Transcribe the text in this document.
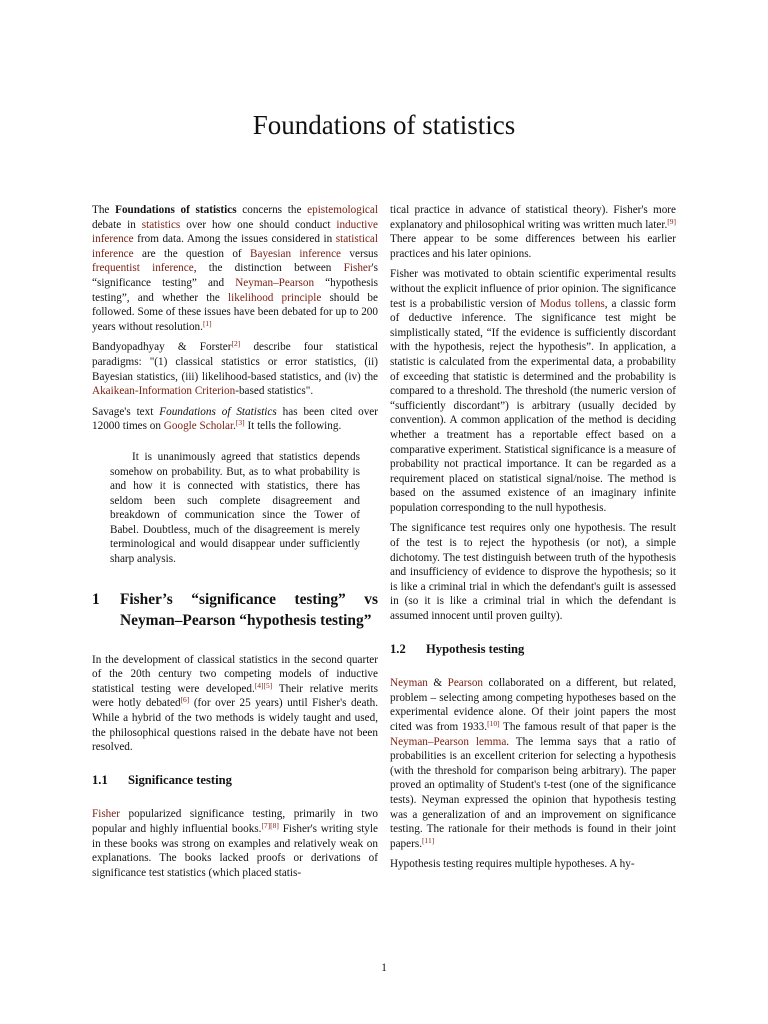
Foundations of statistics

The Foundations of statistics concerns the epistemological debate in statistics over how one should conduct inductive inference from data. Among the issues considered in statistical inference are the question of Bayesian inference versus frequentist inference, the distinction between Fisher's “significance testing” and Neyman–Pearson “hypothesis testing”, and whether the likelihood principle should be followed. Some of these issues have been debated for up to 200 years without resolution.[1]

Bandyopadhyay & Forster[2] describe four statistical paradigms: "(1) classical statistics or error statistics, (ii) Bayesian statistics, (iii) likelihood-based statistics, and (iv) the Akaikean-Information Criterion-based statistics".

Savage's text Foundations of Statistics has been cited over 12000 times on Google Scholar.[3] It tells the following.

It is unanimously agreed that statistics depends somehow on probability. But, as to what probability is and how it is connected with statistics, there has seldom been such complete disagreement and breakdown of communication since the Tower of Babel. Doubtless, much of the disagreement is merely terminological and would disappear under sufficiently sharp analysis.

1	Fisher’s “significance testing” vs Neyman–Pearson “hypothesis testing”

In the development of classical statistics in the second quarter of the 20th century two competing models of inductive statistical testing were developed.[4][5] Their relative merits were hotly debated[6] (for over 25 years) until Fisher's death. While a hybrid of the two methods is widely taught and used, the philosophical questions raised in the debate have not been resolved.

1.1	Significance testing

Fisher popularized significance testing, primarily in two popular and highly influential books.[7][8] Fisher's writing style in these books was strong on examples and relatively weak on explanations. The books lacked proofs or derivations of significance test statistics (which placed statis-

tical practice in advance of statistical theory). Fisher's more explanatory and philosophical writing was written much later.[9] There appear to be some differences between his earlier practices and his later opinions.

Fisher was motivated to obtain scientific experimental results without the explicit influence of prior opinion. The significance test is a probabilistic version of Modus tollens, a classic form of deductive inference. The significance test might be simplistically stated, “If the evidence is sufficiently discordant with the hypothesis, reject the hypothesis”. In application, a statistic is calculated from the experimental data, a probability of exceeding that statistic is determined and the probability is compared to a threshold. The threshold (the numeric version of “sufficiently discordant”) is arbitrary (usually decided by convention). A common application of the method is deciding whether a treatment has a reportable effect based on a comparative experiment. Statistical significance is a measure of probability not practical importance. It can be regarded as a requirement placed on statistical signal/noise. The method is based on the assumed existence of an imaginary infinite population corresponding to the null hypothesis.

The significance test requires only one hypothesis. The result of the test is to reject the hypothesis (or not), a simple dichotomy. The test distinguish between truth of the hypothesis and insufficiency of evidence to disprove the hypothesis; so it is like a criminal trial in which the defendant's guilt is assessed in (so it is like a criminal trial in which the defendant is assumed innocent until proven guilty).

1.2	Hypothesis testing

Neyman & Pearson collaborated on a different, but related, problem – selecting among competing hypotheses based on the experimental evidence alone. Of their joint papers the most cited was from 1933.[10] The famous result of that paper is the Neyman–Pearson lemma. The lemma says that a ratio of probabilities is an excellent criterion for selecting a hypothesis (with the threshold for comparison being arbitrary). The paper proved an optimality of Student's t-test (one of the significance tests). Neyman expressed the opinion that hypothesis testing was a generalization of and an improvement on significance testing. The rationale for their methods is found in their joint papers.[11]

Hypothesis testing requires multiple hypotheses. A hy-

1
